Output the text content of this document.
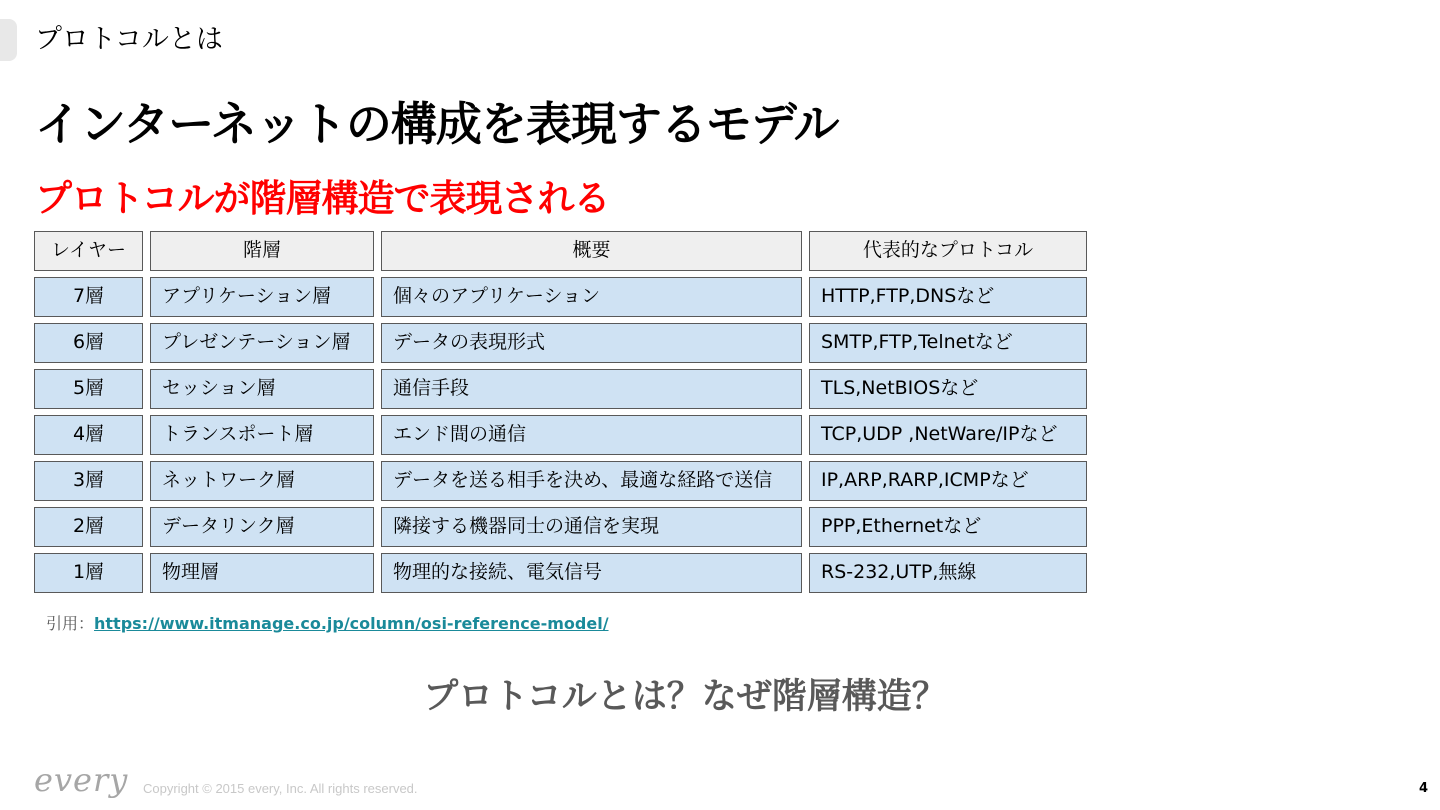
プロトコルとは
インターネットの構成を表現するモデル
プロトコルが階層構造で表現される
レイヤー	階層	概要	代表的なプロトコル
7層	アプリケーション層	個々のアプリケーション	HTTP,FTP,DNSなど
6層	プレゼンテーション層	データの表現形式	SMTP,FTP,Telnetなど
5層	セッション層	通信手段	TLS,NetBIOSなど
4層	トランスポート層	エンド間の通信	TCP,UDP ,NetWare/IPなど
3層	ネットワーク層	データを送る相手を決め、最適な経路で送信	IP,ARP,RARP,ICMPなど
2層	データリンク層	隣接する機器同士の通信を実現	PPP,Ethernetなど
1層	物理層	物理的な接続、電気信号	RS-232,UTP,無線
引用：https://www.itmanage.co.jp/column/osi-reference-model/
プロトコルとは？なぜ階層構造？
every Copyright © 2015 every, Inc. All rights reserved.	4
